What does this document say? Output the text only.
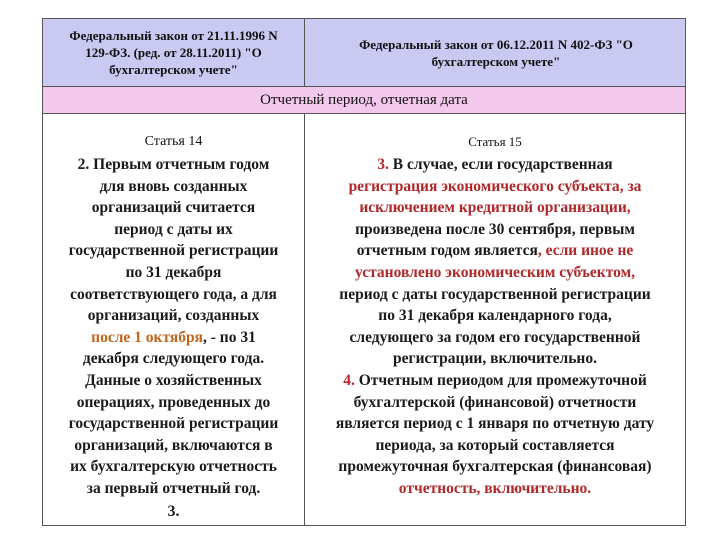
Федеральный закон от 21.11.1996 N
129-ФЗ. (ред. от 28.11.2011) "О
бухгалтерском учете"
Федеральный закон от 06.12.2011 N 402-ФЗ "О
бухгалтерском учете"
Отчетный период, отчетная дата
Статья 14
2. Первым отчетным годом
для вновь созданных
организаций считается
период с даты их
государственной регистрации
по 31 декабря
соответствующего года, а для
организаций, созданных
после 1 октября, - по 31
декабря следующего года.
Данные о хозяйственных
операциях, проведенных до
государственной регистрации
организаций, включаются в
их бухгалтерскую отчетность
за первый отчетный год.
3.
Статья 15
3. В случае, если государственная
регистрация экономического субъекта, за
исключением кредитной организации,
произведена после 30 сентября, первым
отчетным годом является, если иное не
установлено экономическим субъектом,
период с даты государственной регистрации
по 31 декабря календарного года,
следующего за годом его государственной
регистрации, включительно.
4. Отчетным периодом для промежуточной
бухгалтерской (финансовой) отчетности
является период с 1 января по отчетную дату
периода, за который составляется
промежуточная бухгалтерская (финансовая)
отчетность, включительно.
